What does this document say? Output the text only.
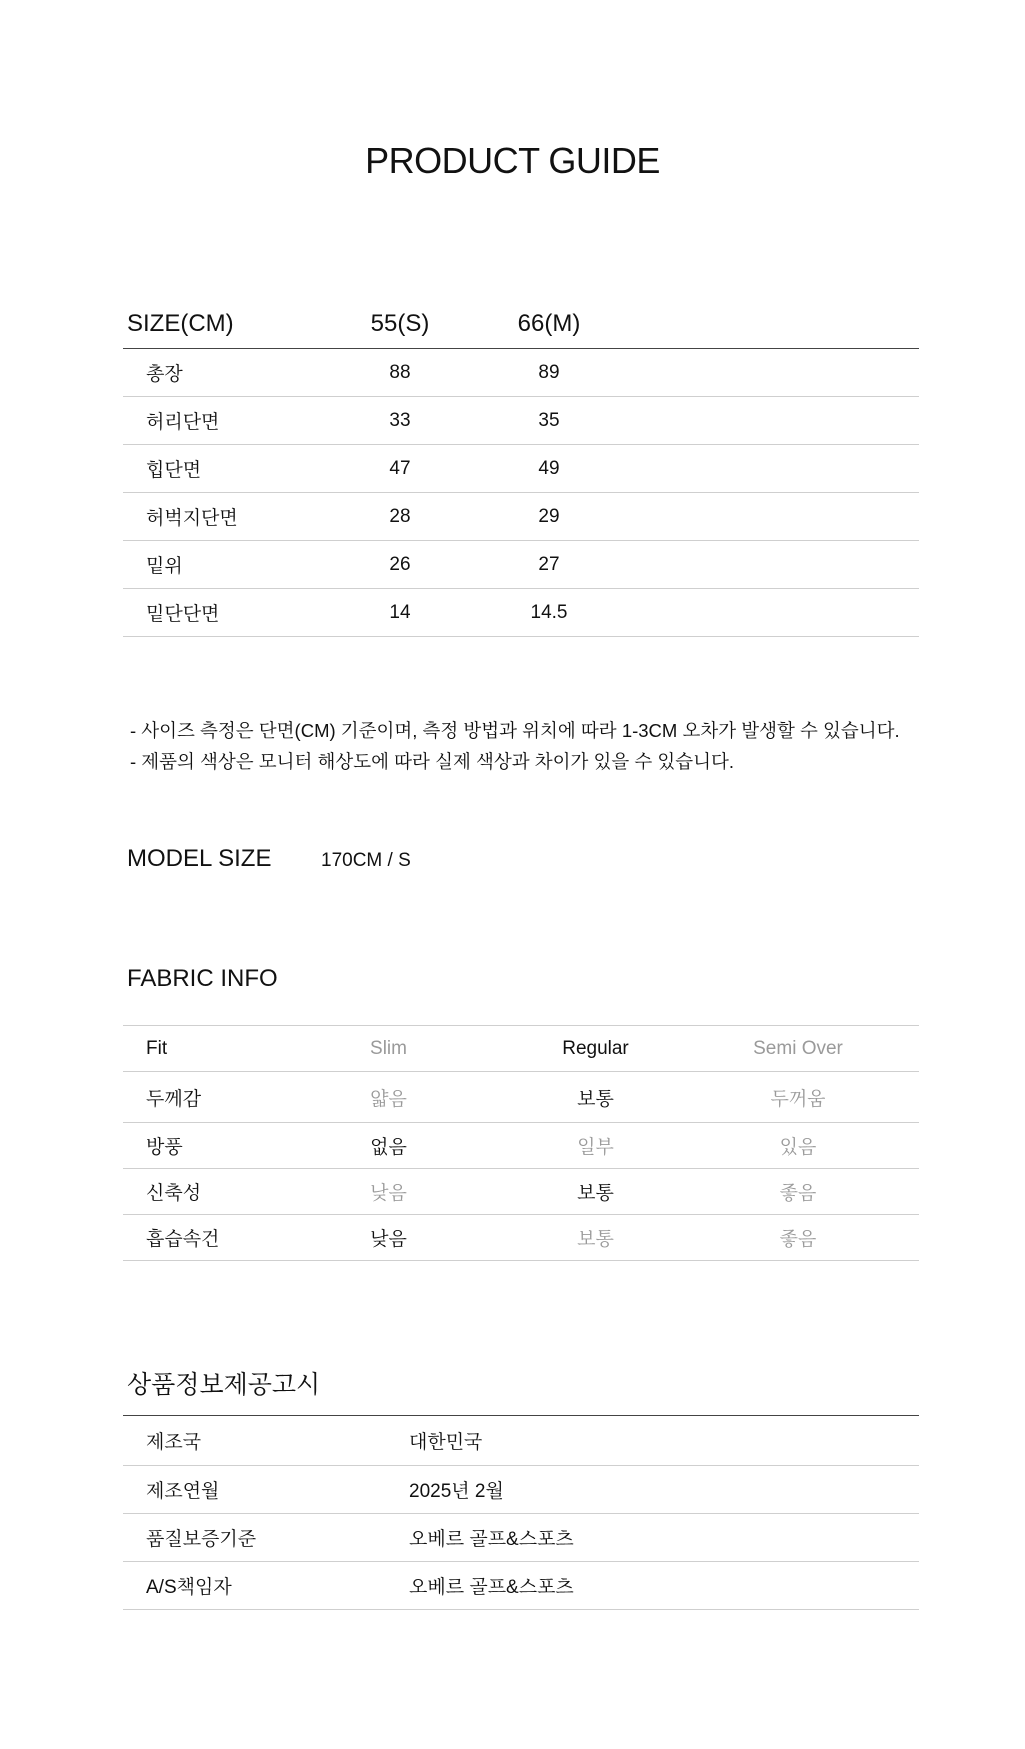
PRODUCT GUIDE
SIZE(CM)	55(S)	66(M)
총장	88	89
허리단면	33	35
힙단면	47	49
허벅지단면	28	29
밑위	26	27
밑단단면	14	14.5
- 사이즈 측정은 단면(CM) 기준이며, 측정 방법과 위치에 따라 1-3CM 오차가 발생할 수 있습니다.
- 제품의 색상은 모니터 해상도에 따라 실제 색상과 차이가 있을 수 있습니다.
MODEL SIZE	170CM / S
FABRIC INFO
Fit	Slim	Regular	Semi Over
두께감	얇음	보통	두꺼움
방풍	없음	일부	있음
신축성	낮음	보통	좋음
흡습속건	낮음	보통	좋음
상품정보제공고시
제조국	대한민국
제조연월	2025년 2월
품질보증기준	오베르 골프&스포츠
A/S책임자	오베르 골프&스포츠
